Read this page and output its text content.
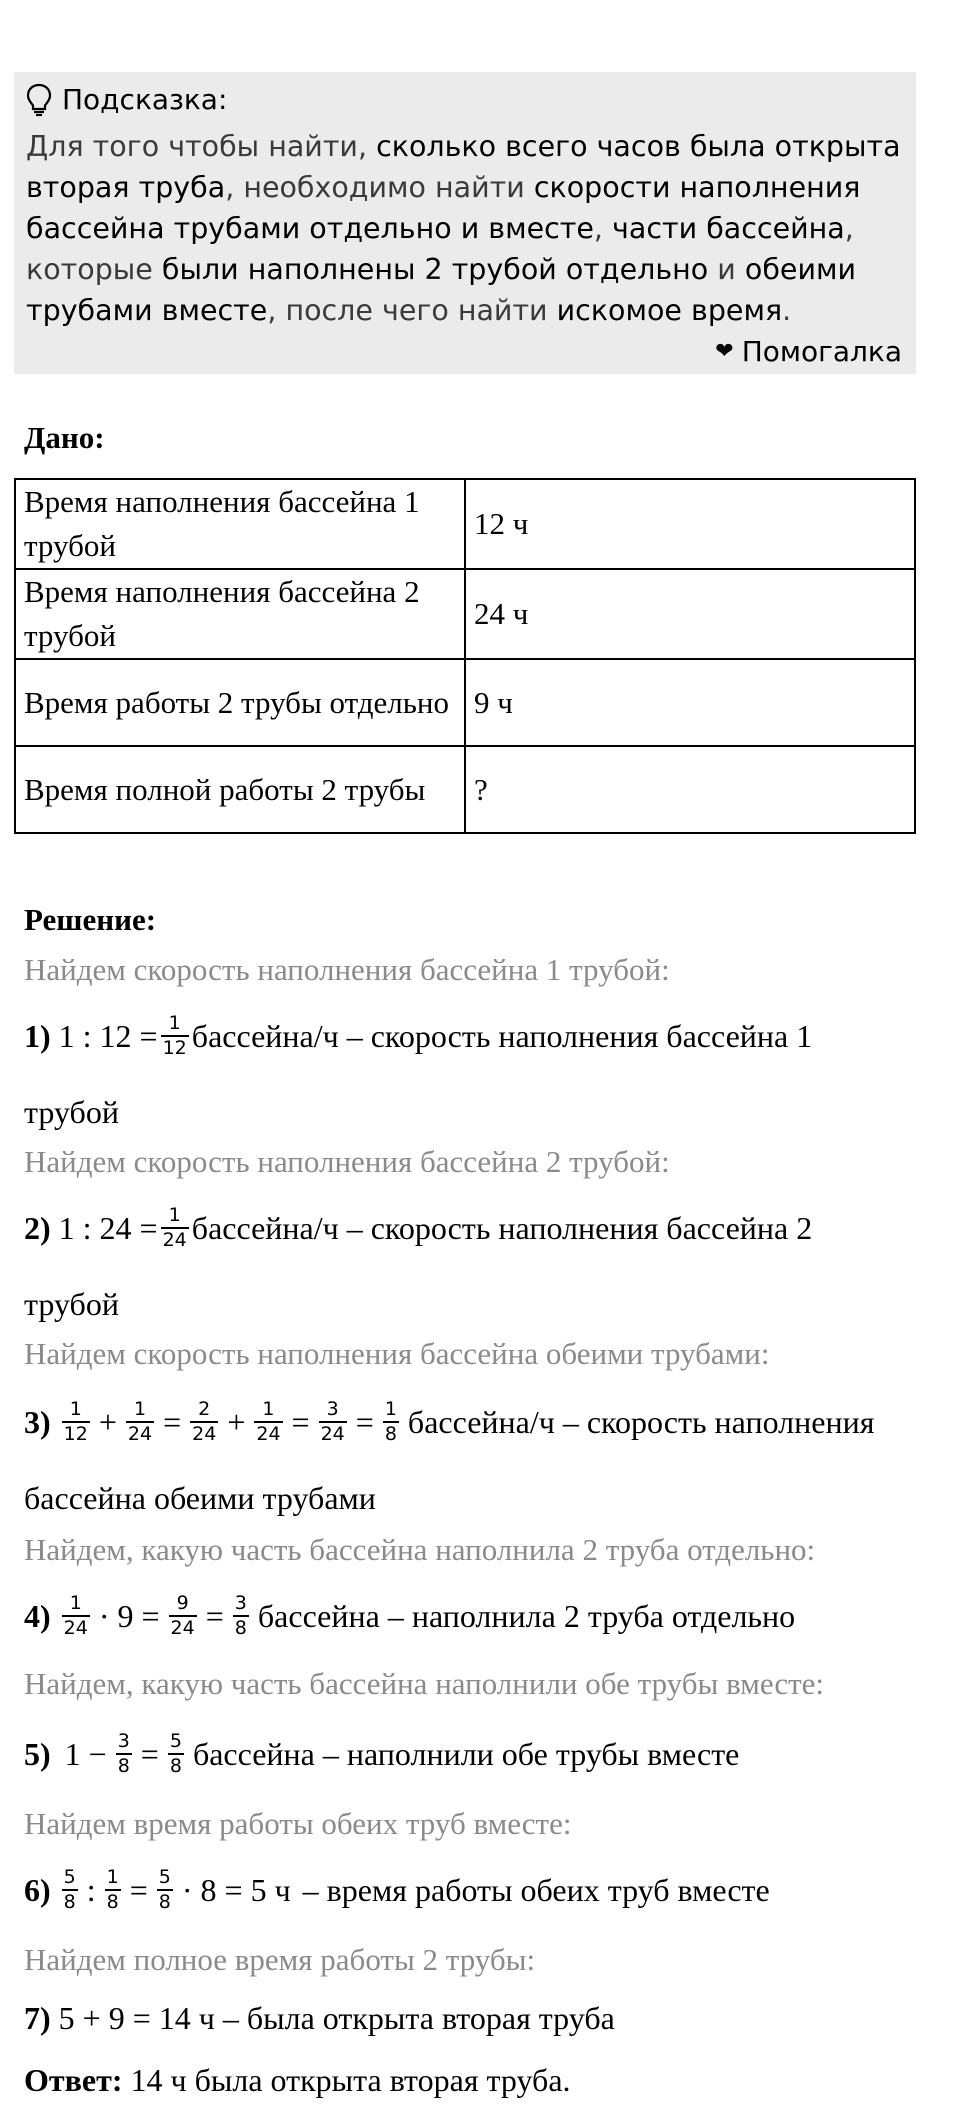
Подсказка:
Для того чтобы найти, сколько всего часов была открыта вторая труба, необходимо найти скорости наполнения бассейна трубами отдельно и вместе, части бассейна, которые были наполнены 2 трубой отдельно и обеими трубами вместе, после чего найти искомое время.
❤ Помогалка
Дано:
Время наполнения бассейна 1 трубой	12 ч
Время наполнения бассейна 2 трубой	24 ч
Время работы 2 трубы отдельно	9 ч
Время полной работы 2 трубы	?
Решение:
Найдем скорость наполнения бассейна 1 трубой:
1) 1 : $12 = \frac{1}{12}$ бассейна/ч – скорость наполнения бассейна 1
трубой
Найдем скорость наполнения бассейна 2 трубой:
2) 1 : $24 = \frac{1}{24}$ бассейна/ч – скорость наполнения бассейна 2
трубой
Найдем скорость наполнения бассейна обеими трубами:
$3) \frac{1}{12} + \frac{1}{24} = \frac{2}{24} + \frac{1}{24} = \frac{3}{24} = \frac{1}{8}$ бассейна/ч – скорость наполнения
бассейна обеими трубами
Найдем, какую часть бассейна наполнила 2 труба отдельно:
$4) \frac{1}{24} \cdot 9 = \frac{9}{24} = \frac{3}{8}$ бассейна – наполнила 2 труба отдельно
Найдем, какую часть бассейна наполнили обе трубы вместе:
5) $1 - \frac{3}{8} = \frac{5}{8}$ бассейна – наполнили обе трубы вместе
Найдем время работы обеих труб вместе:
$6) \frac{5}{8}$ : $\frac{1}{8} = \frac{5}{8} \cdot 8 = 5$ ч – время работы обеих труб вместе
Найдем полное время работы 2 трубы:
7) 5 + 9 = 14 ч – была открыта вторая труба
Ответ: 14 ч была открыта вторая труба.
